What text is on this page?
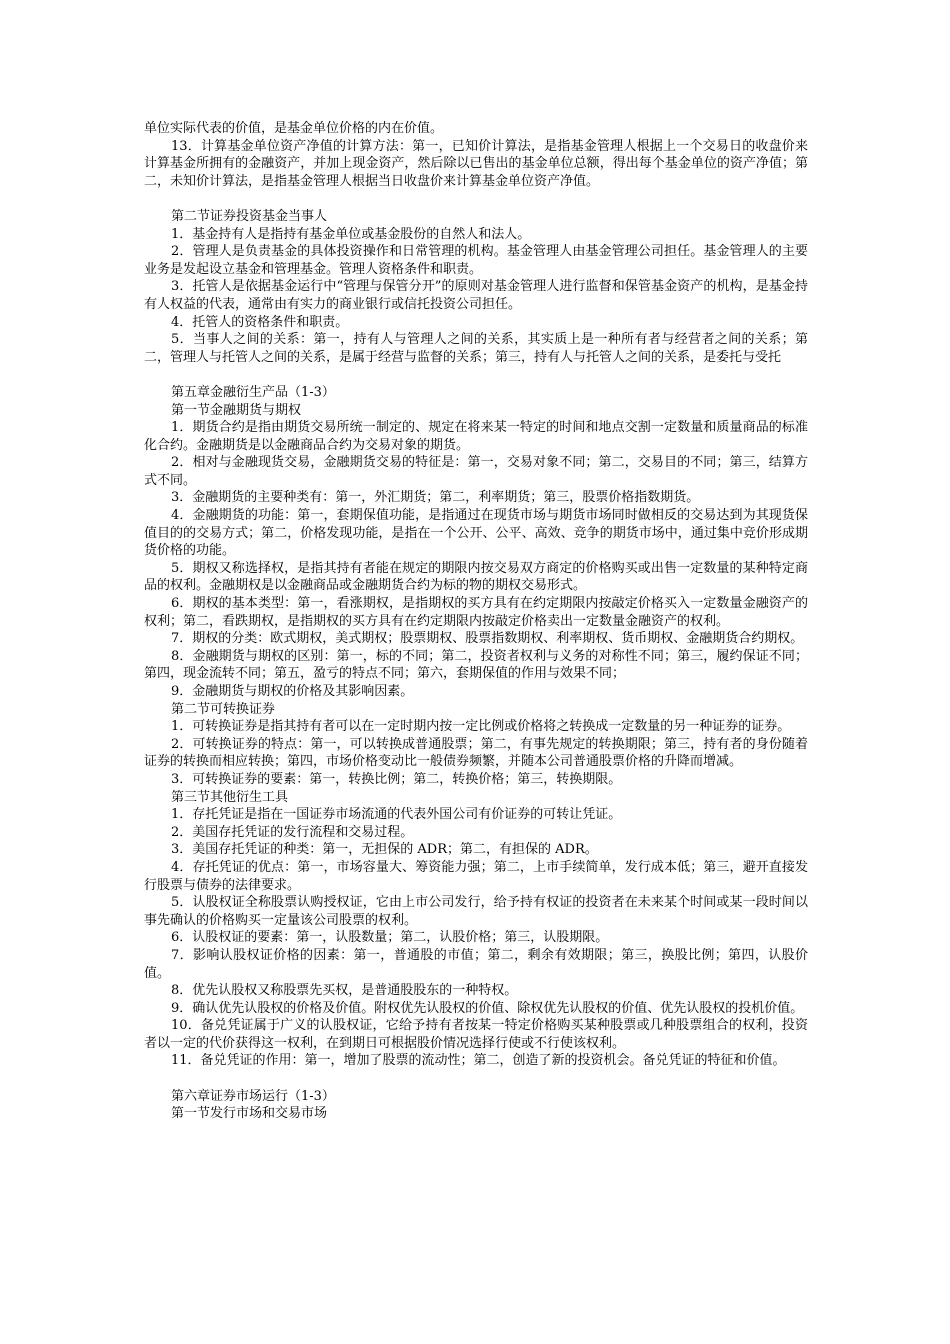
单位实际代表的价值，是基金单位价格的内在价值。
13．计算基金单位资产净值的计算方法：第一，已知价计算法，是指基金管理人根据上一个交易日的收盘价来计算基金所拥有的金融资产，并加上现金资产，然后除以已售出的基金单位总额，得出每个基金单位的资产净值；第二，未知价计算法，是指基金管理人根据当日收盘价来计算基金单位资产净值。
第二节证券投资基金当事人
1．基金持有人是指持有基金单位或基金股份的自然人和法人。
2．管理人是负责基金的具体投资操作和日常管理的机构。基金管理人由基金管理公司担任。基金管理人的主要业务是发起设立基金和管理基金。管理人资格条件和职责。
3．托管人是依据基金运行中“管理与保管分开”的原则对基金管理人进行监督和保管基金资产的机构，是基金持有人权益的代表，通常由有实力的商业银行或信托投资公司担任。
4．托管人的资格条件和职责。
5．当事人之间的关系：第一，持有人与管理人之间的关系，其实质上是一种所有者与经营者之间的关系；第二，管理人与托管人之间的关系，是属于经营与监督的关系；第三，持有人与托管人之间的关系，是委托与受托
第五章金融衍生产品（1-3）
第一节金融期货与期权
1．期货合约是指由期货交易所统一制定的、规定在将来某一特定的时间和地点交割一定数量和质量商品的标准化合约。金融期货是以金融商品合约为交易对象的期货。
2．相对与金融现货交易，金融期货交易的特征是：第一，交易对象不同；第二，交易目的不同；第三，结算方式不同。
3．金融期货的主要种类有：第一，外汇期货；第二，利率期货；第三，股票价格指数期货。
4．金融期货的功能：第一，套期保值功能，是指通过在现货市场与期货市场同时做相反的交易达到为其现货保值目的的交易方式；第二，价格发现功能，是指在一个公开、公平、高效、竞争的期货市场中，通过集中竞价形成期货价格的功能。
5．期权又称选择权，是指其持有者能在规定的期限内按交易双方商定的价格购买或出售一定数量的某种特定商品的权利。金融期权是以金融商品或金融期货合约为标的物的期权交易形式。
6．期权的基本类型：第一，看涨期权，是指期权的买方具有在约定期限内按敲定价格买入一定数量金融资产的权利；第二，看跌期权，是指期权的买方具有在约定期限内按敲定价格卖出一定数量金融资产的权利。
7．期权的分类：欧式期权，美式期权；股票期权、股票指数期权、利率期权、货币期权、金融期货合约期权。
8．金融期货与期权的区别：第一，标的不同；第二，投资者权利与义务的对称性不同；第三，履约保证不同；第四，现金流转不同；第五，盈亏的特点不同；第六，套期保值的作用与效果不同；
9．金融期货与期权的价格及其影响因素。
第二节可转换证券
1．可转换证券是指其持有者可以在一定时期内按一定比例或价格将之转换成一定数量的另一种证券的证券。
2．可转换证券的特点：第一，可以转换成普通股票；第二，有事先规定的转换期限；第三，持有者的身份随着证券的转换而相应转换；第四，市场价格变动比一般债券频繁，并随本公司普通股票价格的升降而增减。
3．可转换证券的要素：第一，转换比例；第二，转换价格；第三，转换期限。
第三节其他衍生工具
1．存托凭证是指在一国证券市场流通的代表外国公司有价证券的可转让凭证。
2．美国存托凭证的发行流程和交易过程。
3．美国存托凭证的种类：第一，无担保的 ADR；第二，有担保的 ADR。
4．存托凭证的优点：第一，市场容量大、筹资能力强；第二，上市手续简单，发行成本低；第三，避开直接发行股票与债券的法律要求。
5．认股权证全称股票认购授权证，它由上市公司发行，给予持有权证的投资者在未来某个时间或某一段时间以事先确认的价格购买一定量该公司股票的权利。
6．认股权证的要素：第一，认股数量；第二，认股价格；第三，认股期限。
7．影响认股权证价格的因素：第一，普通股的市值；第二，剩余有效期限；第三，换股比例；第四，认股价值。
8．优先认股权又称股票先买权，是普通股股东的一种特权。
9．确认优先认股权的价格及价值。附权优先认股权的价值、除权优先认股权的价值、优先认股权的投机价值。
10．备兑凭证属于广义的认股权证，它给予持有者按某一特定价格购买某种股票或几种股票组合的权利，投资者以一定的代价获得这一权利，在到期日可根据股价情况选择行使或不行使该权利。
11．备兑凭证的作用：第一，增加了股票的流动性；第二，创造了新的投资机会。备兑凭证的特征和价值。
第六章证券市场运行（1-3）
第一节发行市场和交易市场
